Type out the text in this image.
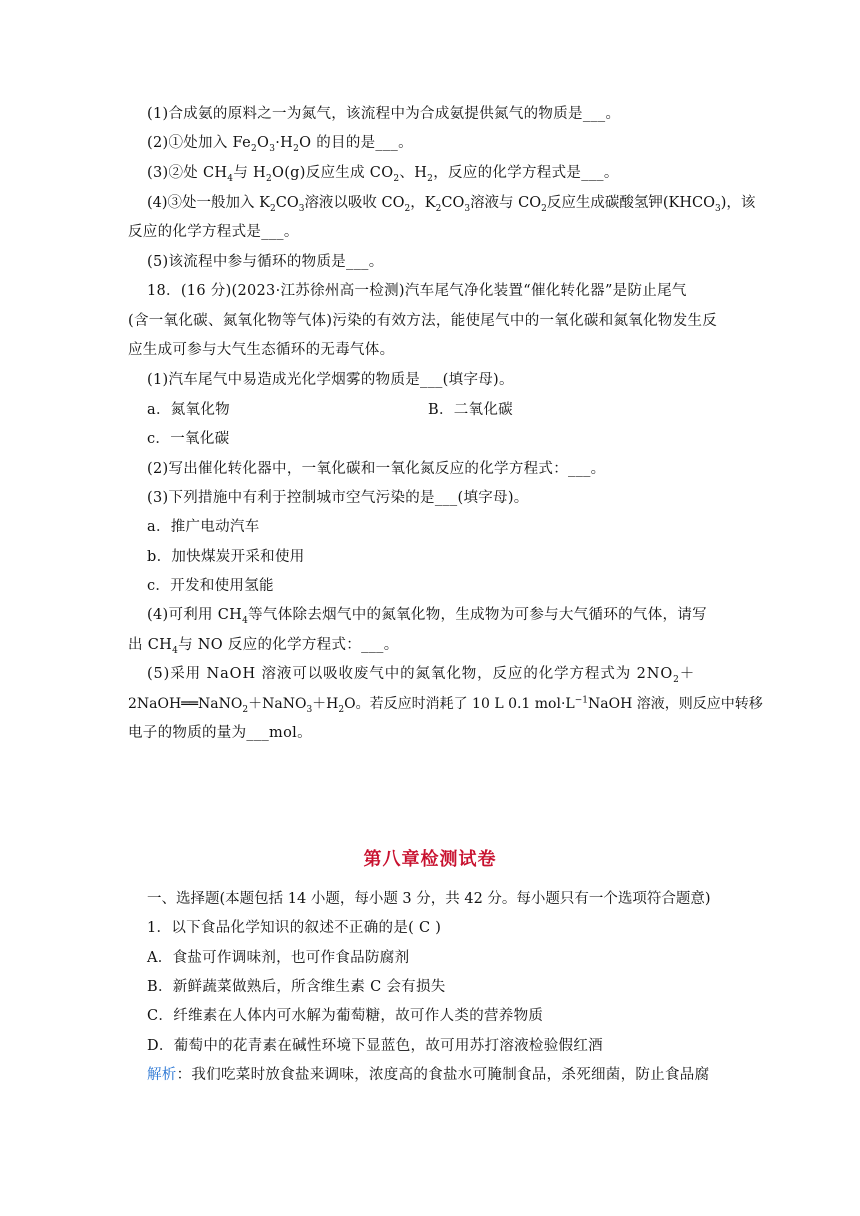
(1)合成氨的原料之一为氮气，该流程中为合成氨提供氮气的物质是___。
(2)①处加入 $Fe_2O_3\cdot H_2O$ 的目的是___。
(3)②处 $CH_4$与 $H_2O(g)$反应生成 $CO_2$、$H_2$，反应的化学方程式是___。
(4)③处一般加入 $K_2CO_3$溶液以吸收 $CO_2$，$K_2CO_3$溶液与 $CO_2$反应生成碳酸氢钾$(KHCO_3)$，该
反应的化学方程式是___。
(5)该流程中参与循环的物质是___。
18．(16 分)(2023·江苏徐州高一检测)汽车尾气净化装置“催化转化器”是防止尾气
(含一氧化碳、氮氧化物等气体)污染的有效方法，能使尾气中的一氧化碳和氮氧化物发生反
应生成可参与大气生态循环的无毒气体。
(1)汽车尾气中易造成光化学烟雾的物质是___(填字母)。
a．氮氧化物	B．二氧化碳
c．一氧化碳
(2)写出催化转化器中，一氧化碳和一氧化氮反应的化学方程式：___。
(3)下列措施中有利于控制城市空气污染的是___(填字母)。
a．推广电动汽车
b．加快煤炭开采和使用
c．开发和使用氢能
(4)可利用 $CH_4$等气体除去烟气中的氮氧化物，生成物为可参与大气循环的气体，请写
出 $CH_4$与 NO 反应的化学方程式：___。
(5)采用 NaOH 溶液可以吸收废气中的氮氧化物，反应的化学方程式为 $2NO_2+$
$2NaOH══NaNO_2+NaNO_3+H_2O$。若反应时消耗了 10 L 0.1 $mol\cdot L^{-1}NaOH$ 溶液，则反应中转移
电子的物质的量为___mol。
第八章检测试卷
一、选择题(本题包括 14 小题，每小题 3 分，共 42 分。每小题只有一个选项符合题意)
1．以下食品化学知识的叙述不正确的是( C )
A．食盐可作调味剂，也可作食品防腐剂
B．新鲜蔬菜做熟后，所含维生素 C 会有损失
C．纤维素在人体内可水解为葡萄糖，故可作人类的营养物质
D．葡萄中的花青素在碱性环境下显蓝色，故可用苏打溶液检验假红酒
解析：我们吃菜时放食盐来调味，浓度高的食盐水可腌制食品，杀死细菌，防止食品腐
